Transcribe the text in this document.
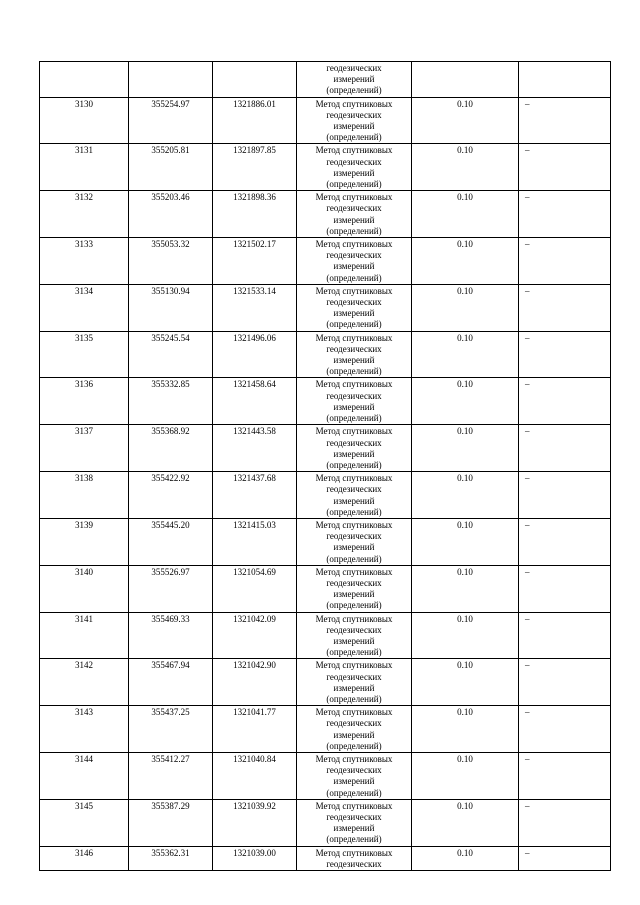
			геодезических
измерений
(определений)		

3130	355254.97	1321886.01	Метод спутниковых
геодезических
измерений
(определений)	0.10	–
3131	355205.81	1321897.85	Метод спутниковых
геодезических
измерений
(определений)	0.10	–
3132	355203.46	1321898.36	Метод спутниковых
геодезических
измерений
(определений)	0.10	–
3133	355053.32	1321502.17	Метод спутниковых
геодезических
измерений
(определений)	0.10	–
3134	355130.94	1321533.14	Метод спутниковых
геодезических
измерений
(определений)	0.10	–
3135	355245.54	1321496.06	Метод спутниковых
геодезических
измерений
(определений)	0.10	–
3136	355332.85	1321458.64	Метод спутниковых
геодезических
измерений
(определений)	0.10	–
3137	355368.92	1321443.58	Метод спутниковых
геодезических
измерений
(определений)	0.10	–
3138	355422.92	1321437.68	Метод спутниковых
геодезических
измерений
(определений)	0.10	–
3139	355445.20	1321415.03	Метод спутниковых
геодезических
измерений
(определений)	0.10	–
3140	355526.97	1321054.69	Метод спутниковых
геодезических
измерений
(определений)	0.10	–
3141	355469.33	1321042.09	Метод спутниковых
геодезических
измерений
(определений)	0.10	–
3142	355467.94	1321042.90	Метод спутниковых
геодезических
измерений
(определений)	0.10	–
3143	355437.25	1321041.77	Метод спутниковых
геодезических
измерений
(определений)	0.10	–
3144	355412.27	1321040.84	Метод спутниковых
геодезических
измерений
(определений)	0.10	–
3145	355387.29	1321039.92	Метод спутниковых
геодезических
измерений
(определений)	0.10	–
3146	355362.31	1321039.00	Метод спутниковых
геодезических	0.10	–
